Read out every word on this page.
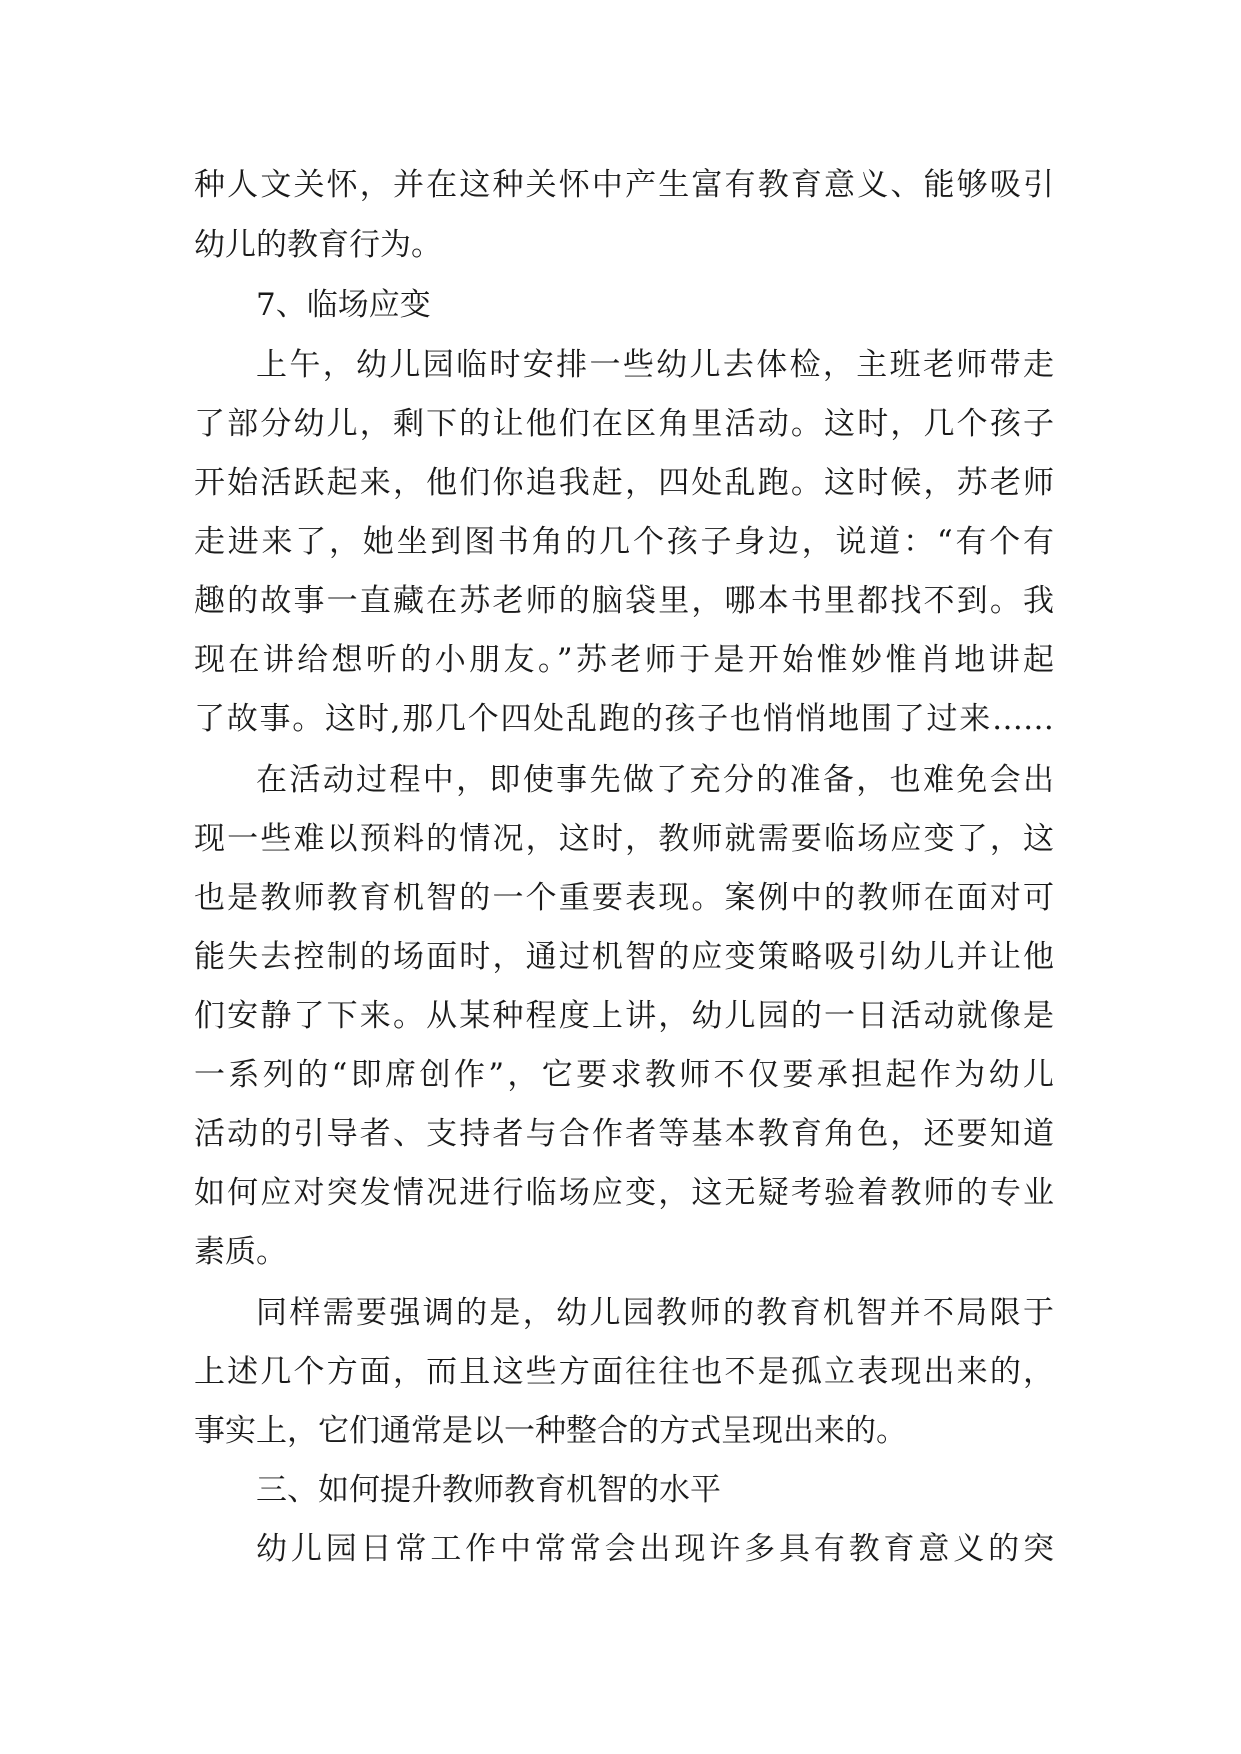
种人文关怀，并在这种关怀中产生富有教育意义、能够吸引
幼儿的教育行为。
7、临场应变
上午，幼儿园临时安排一些幼儿去体检，主班老师带走
了部分幼儿，剩下的让他们在区角里活动。这时，几个孩子
开始活跃起来，他们你追我赶，四处乱跑。这时候，苏老师
走进来了，她坐到图书角的几个孩子身边，说道：“有个有
趣的故事一直藏在苏老师的脑袋里，哪本书里都找不到。我
现在讲给想听的小朋友。”苏老师于是开始惟妙惟肖地讲起
了故事。这时,那几个四处乱跑的孩子也悄悄地围了过来……
在活动过程中，即使事先做了充分的准备，也难免会出
现一些难以预料的情况，这时，教师就需要临场应变了，这
也是教师教育机智的一个重要表现。案例中的教师在面对可
能失去控制的场面时，通过机智的应变策略吸引幼儿并让他
们安静了下来。从某种程度上讲，幼儿园的一日活动就像是
一系列的“即席创作”，它要求教师不仅要承担起作为幼儿
活动的引导者、支持者与合作者等基本教育角色，还要知道
如何应对突发情况进行临场应变，这无疑考验着教师的专业
素质。
同样需要强调的是，幼儿园教师的教育机智并不局限于
上述几个方面，而且这些方面往往也不是孤立表现出来的，
事实上，它们通常是以一种整合的方式呈现出来的。
三、如何提升教师教育机智的水平
幼儿园日常工作中常常会出现许多具有教育意义的突
